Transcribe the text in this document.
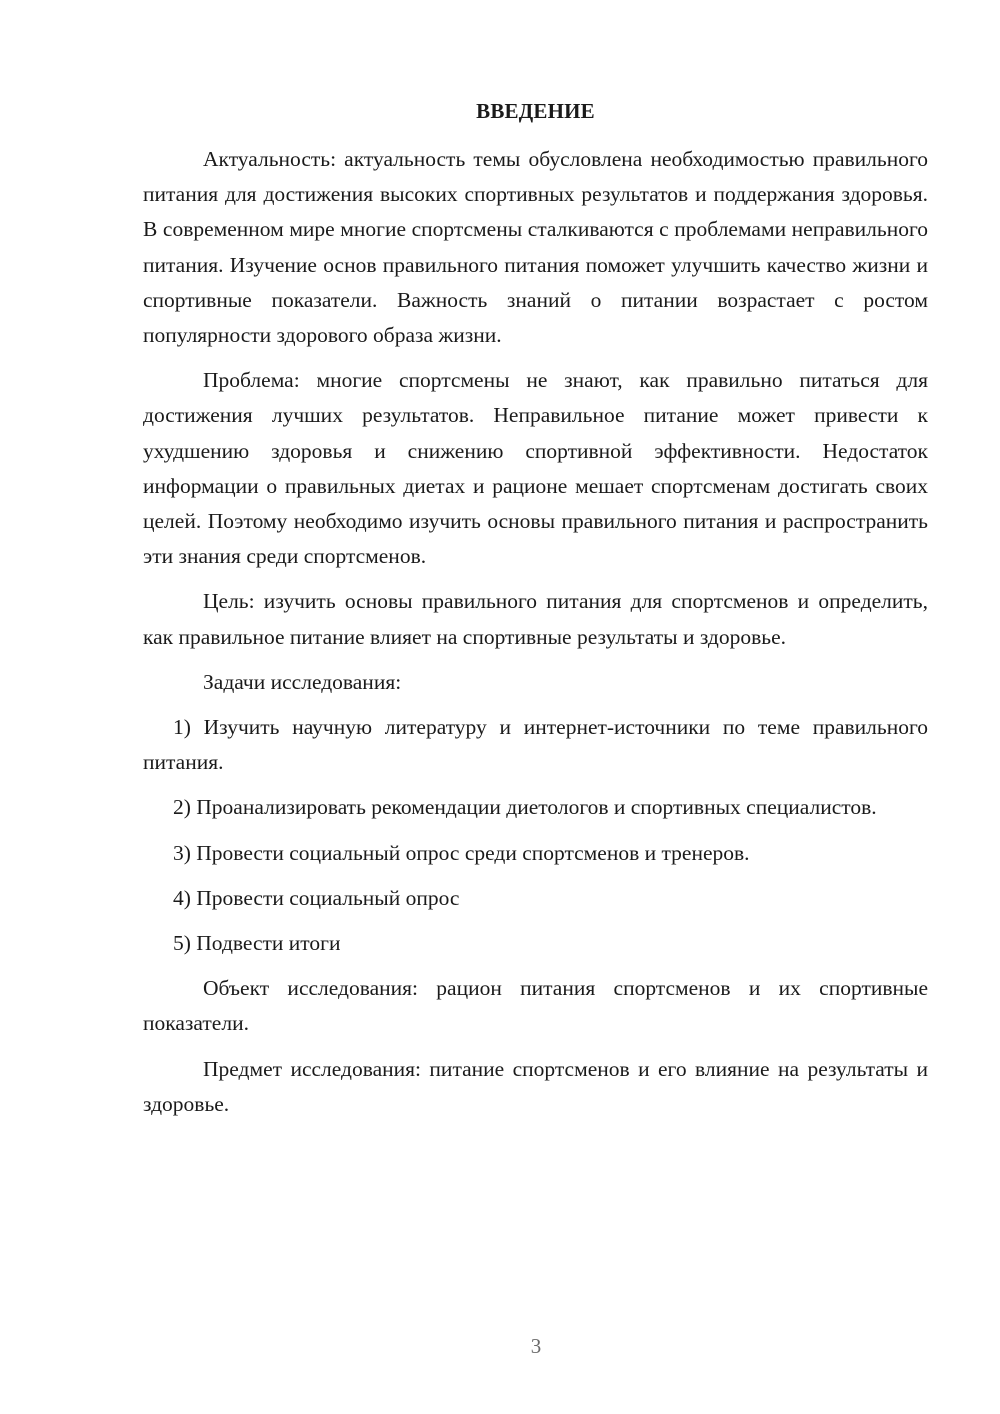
ВВЕДЕНИЕ

Актуальность: актуальность темы обусловлена необходимостью правильного питания для достижения высоких спортивных результатов и поддержания здоровья. В современном мире многие спортсмены сталкиваются с проблемами неправильного питания. Изучение основ правильного питания поможет улучшить качество жизни и спортивные показатели. Важность знаний о питании возрастает с ростом популярности здорового образа жизни.

Проблема: многие спортсмены не знают, как правильно питаться для достижения лучших результатов. Неправильное питание может привести к ухудшению здоровья и снижению спортивной эффективности. Недостаток информации о правильных диетах и рационе мешает спортсменам достигать своих целей. Поэтому необходимо изучить основы правильного питания и распространить эти знания среди спортсменов.

Цель: изучить основы правильного питания для спортсменов и определить, как правильное питание влияет на спортивные результаты и здоровье.

Задачи исследования:

1) Изучить научную литературу и интернет-источники по теме правильного питания.

2) Проанализировать рекомендации диетологов и спортивных специалистов.

3) Провести социальный опрос среди спортсменов и тренеров.

4) Провести социальный опрос

5) Подвести итоги

Объект исследования: рацион питания спортсменов и их спортивные показатели.

Предмет исследования: питание спортсменов и его влияние на результаты и здоровье.

3
